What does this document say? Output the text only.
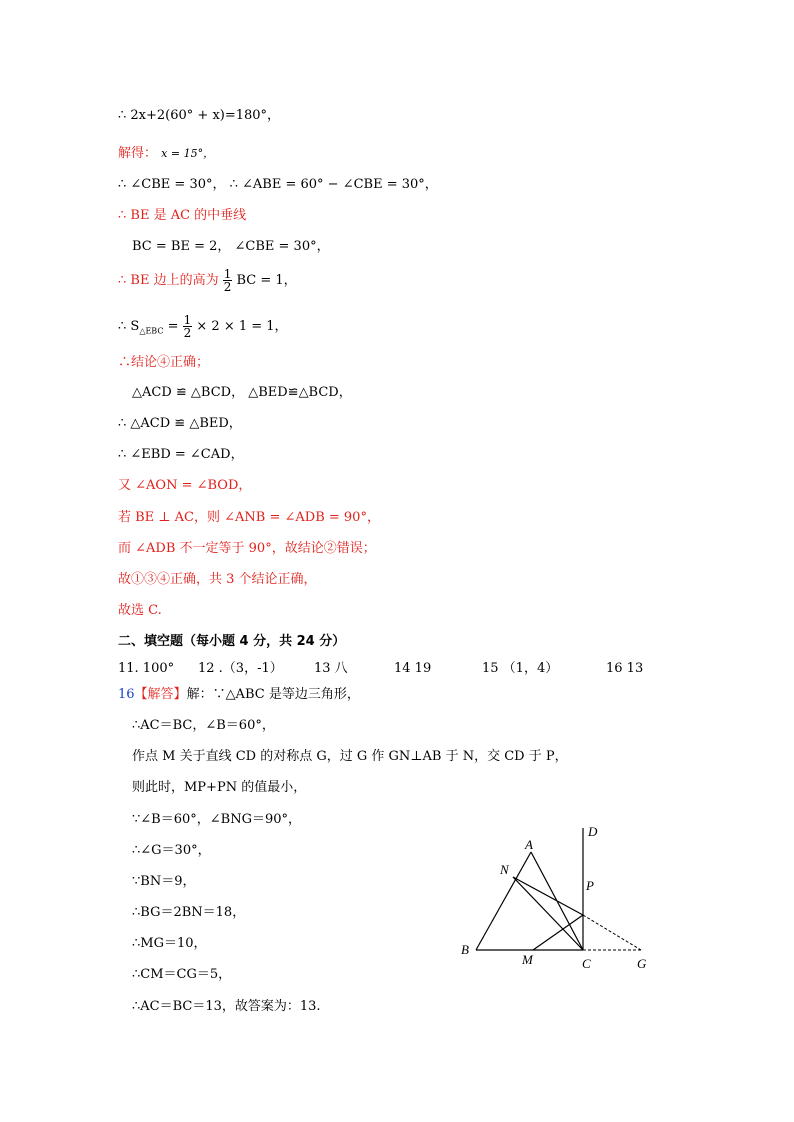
∴ 2x+2(60° + x)=180°，
解得： x = 15°，
∴ ∠CBE = 30°， ∴ ∠ABE = 60° − ∠CBE = 30°，
∴ BE 是 AC 的中垂线
BC = BE = 2， ∠CBE = 30°，
∴ BE 边上的高为 $\frac{1}{2}$ BC = 1，
∴ $S_{\triangle EBC} = \frac{1}{2} \times 2 \times 1 = 1$，
∴结论④正确；
△ACD ≌ △BCD， △BED≌△BCD，
∴ △ACD ≌ △BED，
∴ ∠EBD = ∠CAD，
又 ∠AON = ∠BOD，
若 BE ⊥ AC，则 ∠ANB = ∠ADB = 90°，
而 ∠ADB 不一定等于 90°，故结论②错误；
故①③④正确，共 3 个结论正确，
故选 C.
二、填空题（每小题 4 分，共 24 分）
11. 100° 12 .（3，-1） 13 八	14 19	15 （1，4）	16 13
16【解答】解：∵△ABC 是等边三角形，
∴AC＝BC，∠B＝60°，
作点 M 关于直线 CD 的对称点 G，过 G 作 GN⊥AB 于 N，交 CD 于 P，
则此时，MP+PN 的值最小，
∵∠B＝60°，∠BNG＝90°，
∴∠G＝30°，
∵BN＝9，
∴BG＝2BN＝18，
∴MG＝10，
∴CM＝CG＝5，
∴AC＝BC＝13，故答案为：13.
A
B
C
D
G
M
N
P
